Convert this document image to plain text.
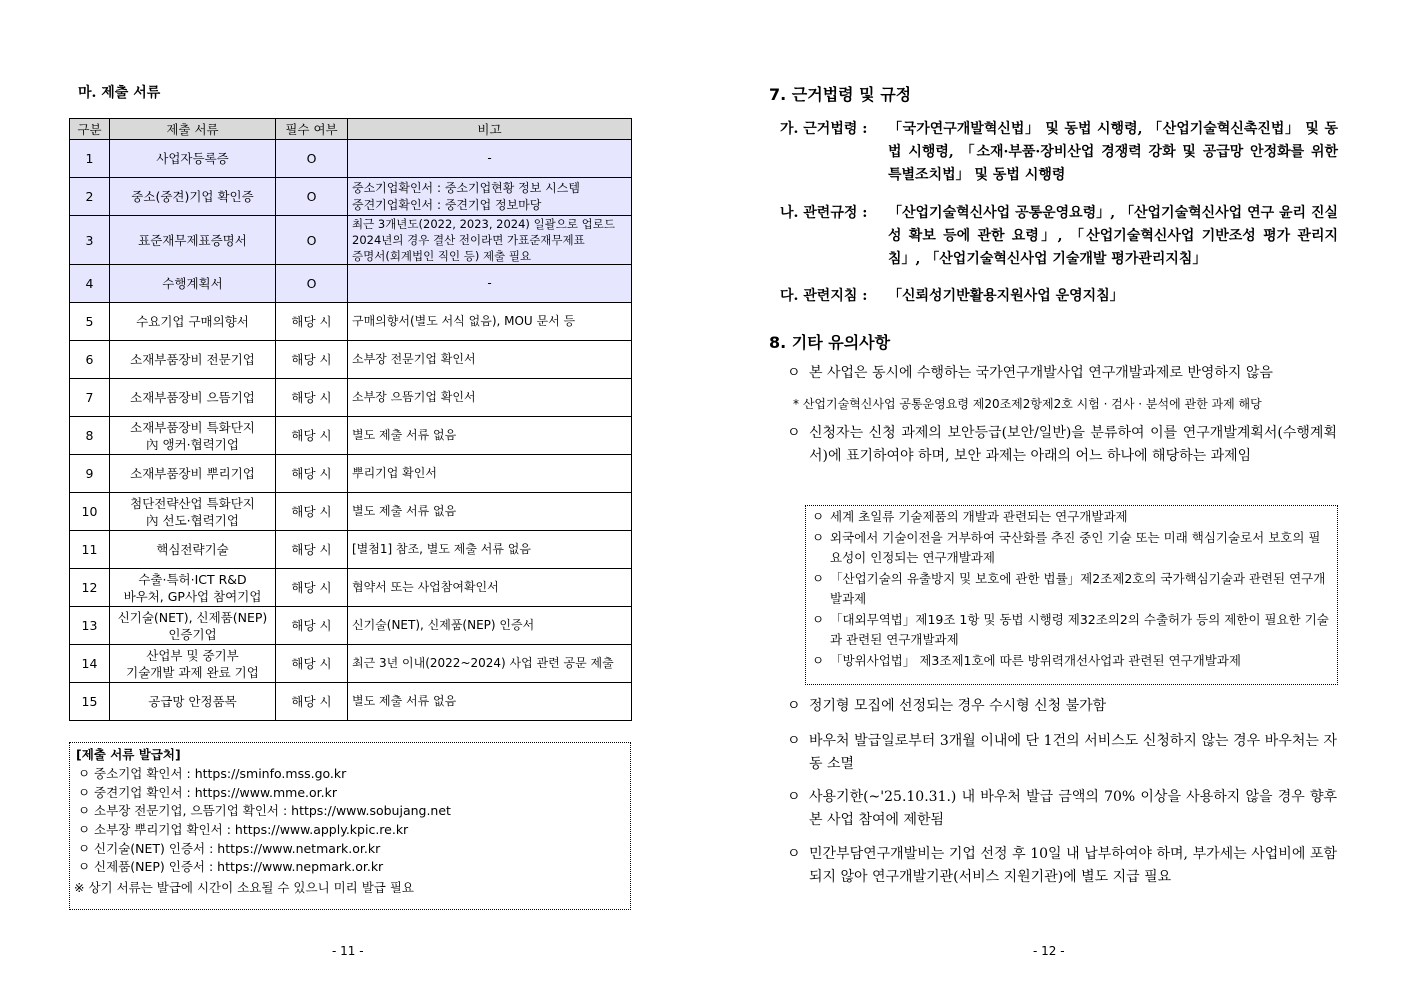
마. 제출 서류
구분	제출 서류	필수 여부	비고
1	사업자등록증	O	-
2	중소(중견)기업 확인증	O	중소기업확인서 : 중소기업현황 정보 시스템
중견기업확인서 : 중견기업 정보마당
3	표준재무제표증명서	O	최근 3개년도(2022, 2023, 2024) 일괄으로 업로드
2024년의 경우 결산 전이라면 가표준재무제표
증명서(회계법인 직인 등) 제출 필요
4	수행계획서	O	-
5	수요기업 구매의향서	해당 시	구매의향서(별도 서식 없음), MOU 문서 등
6	소재부품장비 전문기업	해당 시	소부장 전문기업 확인서
7	소재부품장비 으뜸기업	해당 시	소부장 으뜸기업 확인서
8	소재부품장비 특화단지
內 앵커·협력기업	해당 시	별도 제출 서류 없음
9	소재부품장비 뿌리기업	해당 시	뿌리기업 확인서
10	첨단전략산업 특화단지
內 선도·협력기업	해당 시	별도 제출 서류 없음
11	핵심전략기술	해당 시	[별첨1] 참조, 별도 제출 서류 없음
12	수출·특허·ICT R&D
바우처, GP사업 참여기업	해당 시	협약서 또는 사업참여확인서
13	신기술(NET), 신제품(NEP)
인증기업	해당 시	신기술(NET), 신제품(NEP) 인증서
14	산업부 및 중기부
기술개발 과제 완료 기업	해당 시	최근 3년 이내(2022~2024) 사업 관련 공문 제출
15	공급망 안정품목	해당 시	별도 제출 서류 없음
[제출 서류 발급처]
ㅇ 중소기업 확인서 : https://sminfo.mss.go.kr
ㅇ 중견기업 확인서 : https://www.mme.or.kr
ㅇ 소부장 전문기업, 으뜸기업 확인서 : https://www.sobujang.net
ㅇ 소부장 뿌리기업 확인서 : https://www.apply.kpic.re.kr
ㅇ 신기술(NET) 인증서 : https://www.netmark.or.kr
ㅇ 신제품(NEP) 인증서 : https://www.nepmark.or.kr
※ 상기 서류는 발급에 시간이 소요될 수 있으니 미리 발급 필요
- 11 -
7. 근거법령 및 규정
가. 근거법령 : 「국가연구개발혁신법」 및 동법 시행령, 「산업기술혁신촉진법」 및 동법 시행령, 「소재·부품·장비산업 경쟁력 강화 및 공급망 안정화를 위한 특별조치법」 및 동법 시행령
나. 관련규정 : 「산업기술혁신사업 공통운영요령」, 「산업기술혁신사업 연구 윤리 진실성 확보 등에 관한 요령」, 「산업기술혁신사업 기반조성 평가 관리지침」, 「산업기술혁신사업 기술개발 평가관리지침」
다. 관련지침 : 「신뢰성기반활용지원사업 운영지침」
8. 기타 유의사항
ㅇ 본 사업은 동시에 수행하는 국가연구개발사업 연구개발과제로 반영하지 않음
* 산업기술혁신사업 공통운영요령 제20조제2항제2호 시험 · 검사 · 분석에 관한 과제 해당
ㅇ 신청자는 신청 과제의 보안등급(보안/일반)을 분류하여 이를 연구개발계획서(수행계획서)에 표기하여야 하며, 보안 과제는 아래의 어느 하나에 해당하는 과제임
ㅇ 정기형 모집에 선정되는 경우 수시형 신청 불가함
ㅇ 바우처 발급일로부터 3개월 이내에 단 1건의 서비스도 신청하지 않는 경우 바우처는 자동 소멸
ㅇ 사용기한(~'25.10.31.) 내 바우처 발급 금액의 70% 이상을 사용하지 않을 경우 향후 본 사업 참여에 제한됨
ㅇ 민간부담연구개발비는 기업 선정 후 10일 내 납부하여야 하며, 부가세는 사업비에 포함되지 않아 연구개발기관(서비스 지원기관)에 별도 지급 필요
- 12 -
ㅇ 세계 초일류 기술제품의 개발과 관련되는 연구개발과제
ㅇ 외국에서 기술이전을 거부하여 국산화를 추진 중인 기술 또는 미래 핵심기술로서 보호의 필요성이 인정되는 연구개발과제
ㅇ 「산업기술의 유출방지 및 보호에 관한 법률」제2조제2호의 국가핵심기술과 관련된 연구개발과제
ㅇ 「대외무역법」제19조 1항 및 동법 시행령 제32조의2의 수출허가 등의 제한이 필요한 기술과 관련된 연구개발과제
ㅇ 「방위사업법」 제3조제1호에 따른 방위력개선사업과 관련된 연구개발과제
